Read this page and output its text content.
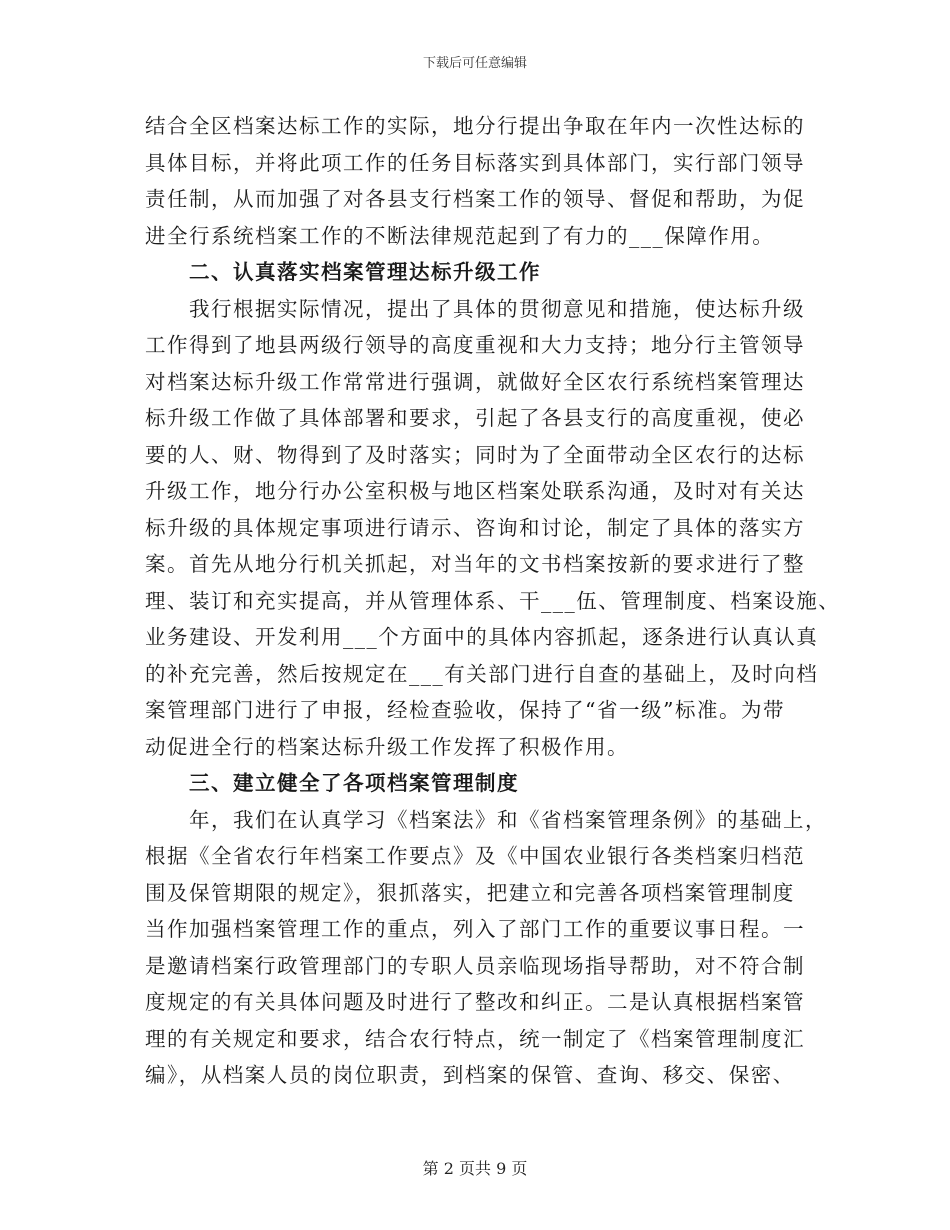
下载后可任意编辑
结合全区档案达标工作的实际，地分行提出争取在年内一次性达标的
具体目标，并将此项工作的任务目标落实到具体部门，实行部门领导
责任制，从而加强了对各县支行档案工作的领导、督促和帮助，为促
进全行系统档案工作的不断法律规范起到了有力的___保障作用。
二、认真落实档案管理达标升级工作
我行根据实际情况，提出了具体的贯彻意见和措施，使达标升级
工作得到了地县两级行领导的高度重视和大力支持；地分行主管领导
对档案达标升级工作常常进行强调，就做好全区农行系统档案管理达
标升级工作做了具体部署和要求，引起了各县支行的高度重视，使必
要的人、财、物得到了及时落实；同时为了全面带动全区农行的达标
升级工作，地分行办公室积极与地区档案处联系沟通，及时对有关达
标升级的具体规定事项进行请示、咨询和讨论，制定了具体的落实方
案。首先从地分行机关抓起，对当年的文书档案按新的要求进行了整
理、装订和充实提高，并从管理体系、干___伍、管理制度、档案设施、
业务建设、开发利用___个方面中的具体内容抓起，逐条进行认真认真
的补充完善，然后按规定在___有关部门进行自查的基础上，及时向档
案管理部门进行了申报，经检查验收，保持了“省一级”标准。为带
动促进全行的档案达标升级工作发挥了积极作用。
三、建立健全了各项档案管理制度
年，我们在认真学习《档案法》和《省档案管理条例》的基础上，
根据《全省农行年档案工作要点》及《中国农业银行各类档案归档范
围及保管期限的规定》，狠抓落实，把建立和完善各项档案管理制度
当作加强档案管理工作的重点，列入了部门工作的重要议事日程。一
是邀请档案行政管理部门的专职人员亲临现场指导帮助，对不符合制
度规定的有关具体问题及时进行了整改和纠正。二是认真根据档案管
理的有关规定和要求，结合农行特点，统一制定了《档案管理制度汇
编》，从档案人员的岗位职责，到档案的保管、查询、移交、保密、
第 2 页共 9 页
